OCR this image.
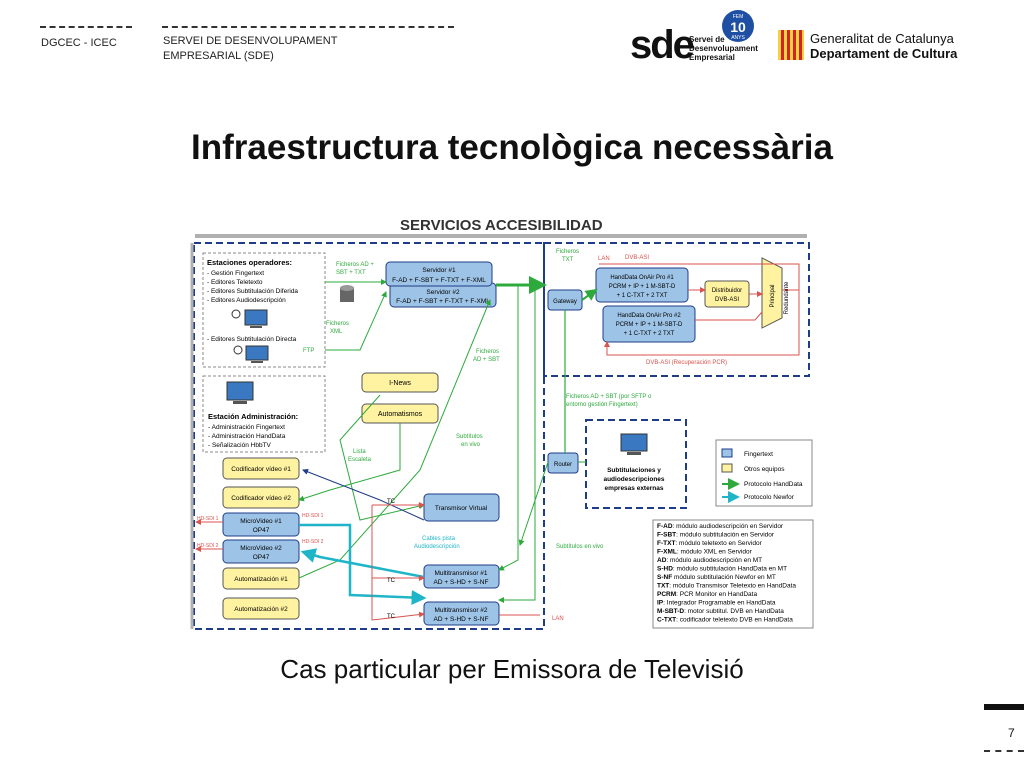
DGCEC - ICEC	SERVEI DE DESENVOLUPAMENT
EMPRESARIAL (SDE)	sde
Servei de
Desenvolupament
Empresarial
FEM
10
ANYS	Generalitat de Catalunya
Departament de Cultura
Infraestructura tecnològica necessària
SERVICIOS ACCESIBILIDAD
Estaciones operadores:
- Gestión Fingertext
- Editores Teletexto
- Editores Subtitulación Diferida
- Editores Audiodescripción
- Editores Subtitulación Directa
Estación Administración:
- Administración Fingertext
- Administración HandData
- Señalización HbbTV
Codificador vídeo #1
Codificador vídeo #2
MicroVideo #1
OP47
MicroVideo #2
OP47
Automatización #1
Automatización #2
HD-SDI 1
HD-SDI 2
HD-SDI 1
HD-SDI 2
Servidor #2
F-AD + F-SBT + F-TXT + F-XML
Servidor #1
F-AD + F-SBT + F-TXT + F-XML
I-News
Automatismos
Transmisor Virtual
Multitransmisor #1
AD + S-HD + S-NF
Multitransmisor #2
AD + S-HD + S-NF
Gateway
Router
HandData OnAir Pro #1
PCRM + IP + 1 M-SBT-D
+ 1 C-TXT + 2 TXT
HandData OnAir Pro #2
PCRM + IP + 1 M-SBT-D
+ 1 C-TXT + 2 TXT
Distribuidor
DVB-ASI	Principal Redundante
Subtitulaciones y
audiodescripciones
empresas externas
Ficheros AD +
SBT + TXT
Ficheros
XML
FTP
Ficheros
TXT	LAN	DVB-ASI
DVB-ASI (Recuperación PCR)
Ficheros
AD + SBT
Ficheros AD + SBT (por SFTP o
entorno gestión Fingertext)
Lista
Escaleta
Subtítulos
en vivo
Subtítulos en vivo
TC
TC
TC
Cables pista
Audiodescripción
LAN
Fingertext
Otros equipos
Protocolo HandData
Protocolo Newfor
F-AD: módulo audiodescripción en Servidor
F-SBT: módulo subtitulación en Servidor
F-TXT: módulo teletexto en Servidor
F-XML: módulo XML en Servidor
AD: módulo audiodescripción en MT
S-HD: módulo subtitulación HandData en MT
S-NF módulo subtitulación Newfor en MT
TXT: módulo Transmisor Teletexto en HandData
PCRM: PCR Monitor en HandData
IP: Integrador Programable en HandData
M-SBT-D: motor subtitul. DVB en HandData
C-TXT: codificador teletexto DVB en HandData
Cas particular per Emissora de Televisió
7
